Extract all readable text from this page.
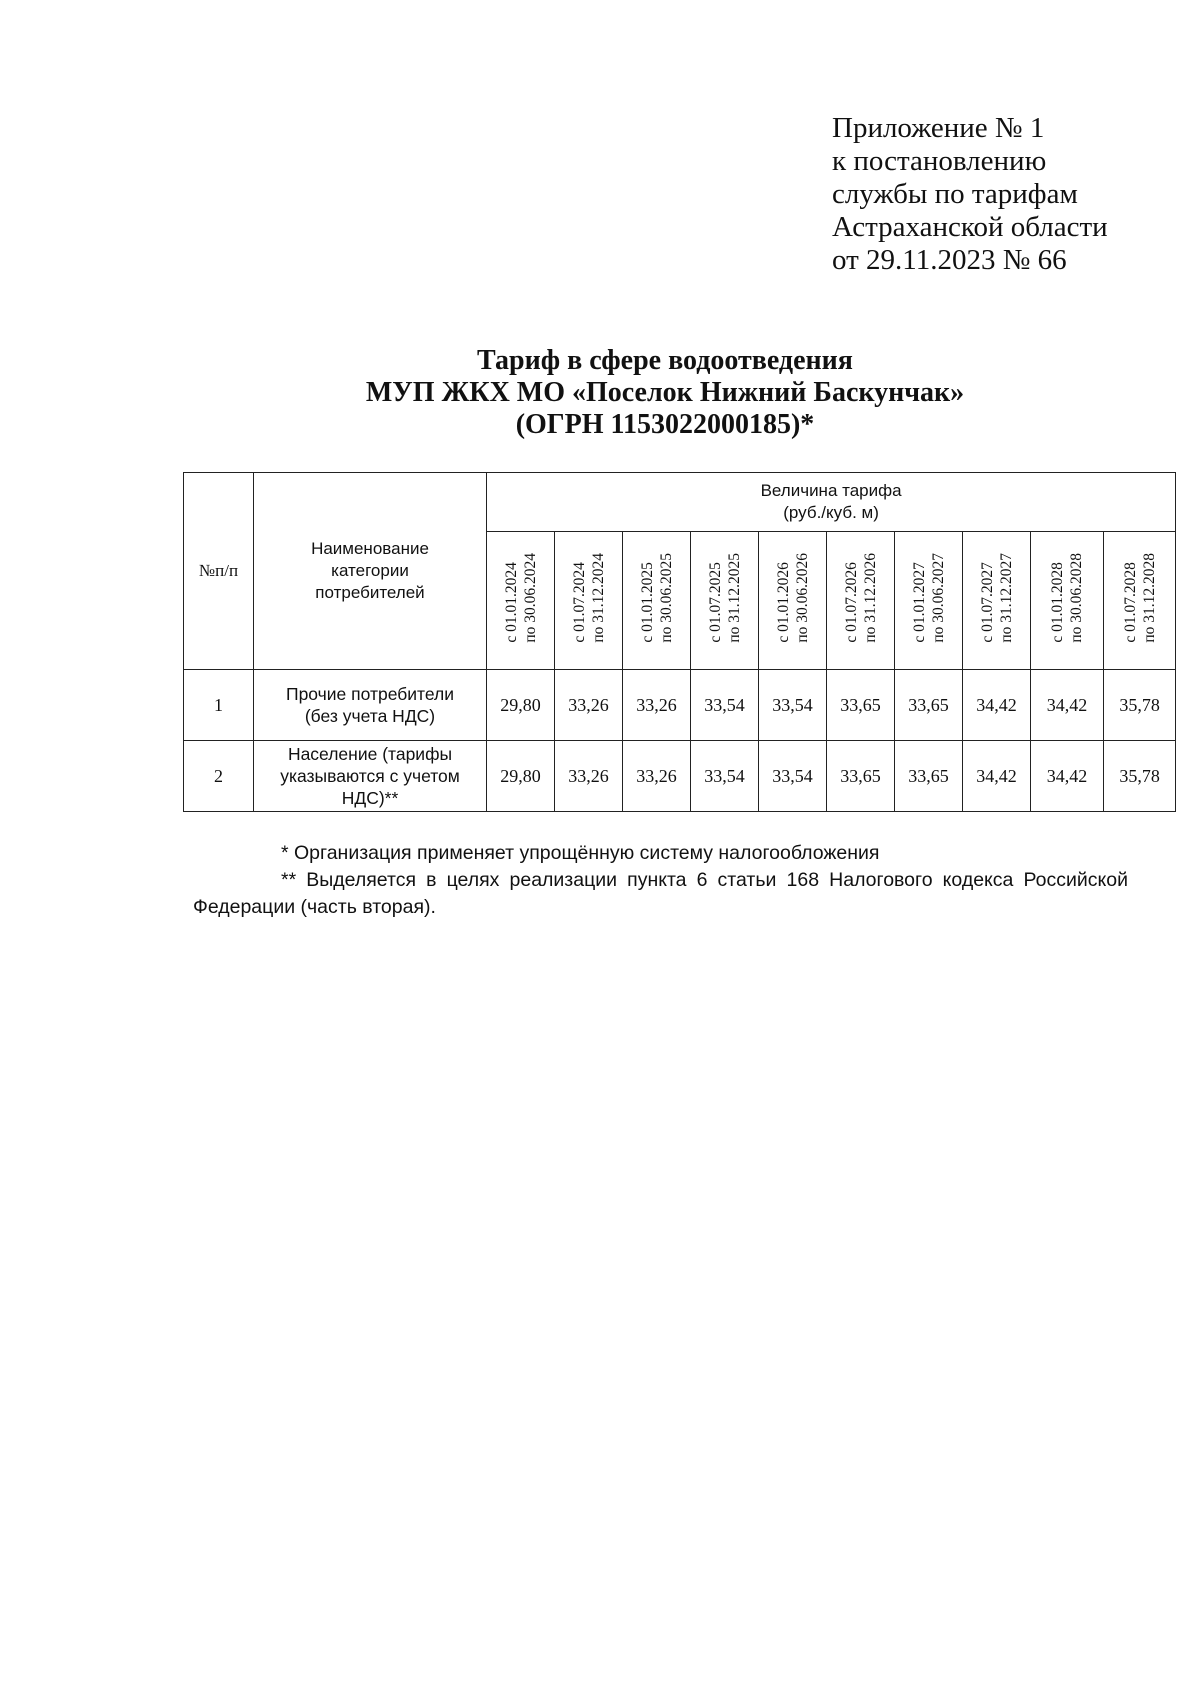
Приложение № 1
к постановлению
службы по тарифам
Астраханской области
от 29.11.2023 № 66
Тариф в сфере водоотведения
МУП ЖКХ МО «Поселок Нижний Баскунчак»
(ОГРН 1153022000185)*
№п/п	Наименование категории потребителей	Величина тарифа
(руб./куб. м)									

		с 01.01.2024 по 30.06.2024	с 01.07.2024 по 31.12.2024	с 01.01.2025 по 30.06.2025	с 01.07.2025 по 31.12.2025	с 01.01.2026 по 30.06.2026	с 01.07.2026 по 31.12.2026	с 01.01.2027 по 30.06.2027	с 01.07.2027 по 31.12.2027	с 01.01.2028 по 30.06.2028	с 01.07.2028 по 31.12.2028
1	Прочие потребители (без учета НДС)	29,80	33,26	33,26	33,54	33,54	33,65	33,65	34,42	34,42	35,78
2	Население (тарифы указываются с учетом НДС)**	29,80	33,26	33,26	33,54	33,54	33,65	33,65	34,42	34,42	35,78

* Организация применяет упрощённую систему налогообложения

** Выделяется в целях реализации пункта 6 статьи 168 Налогового кодекса Российской Федерации (часть вторая).
